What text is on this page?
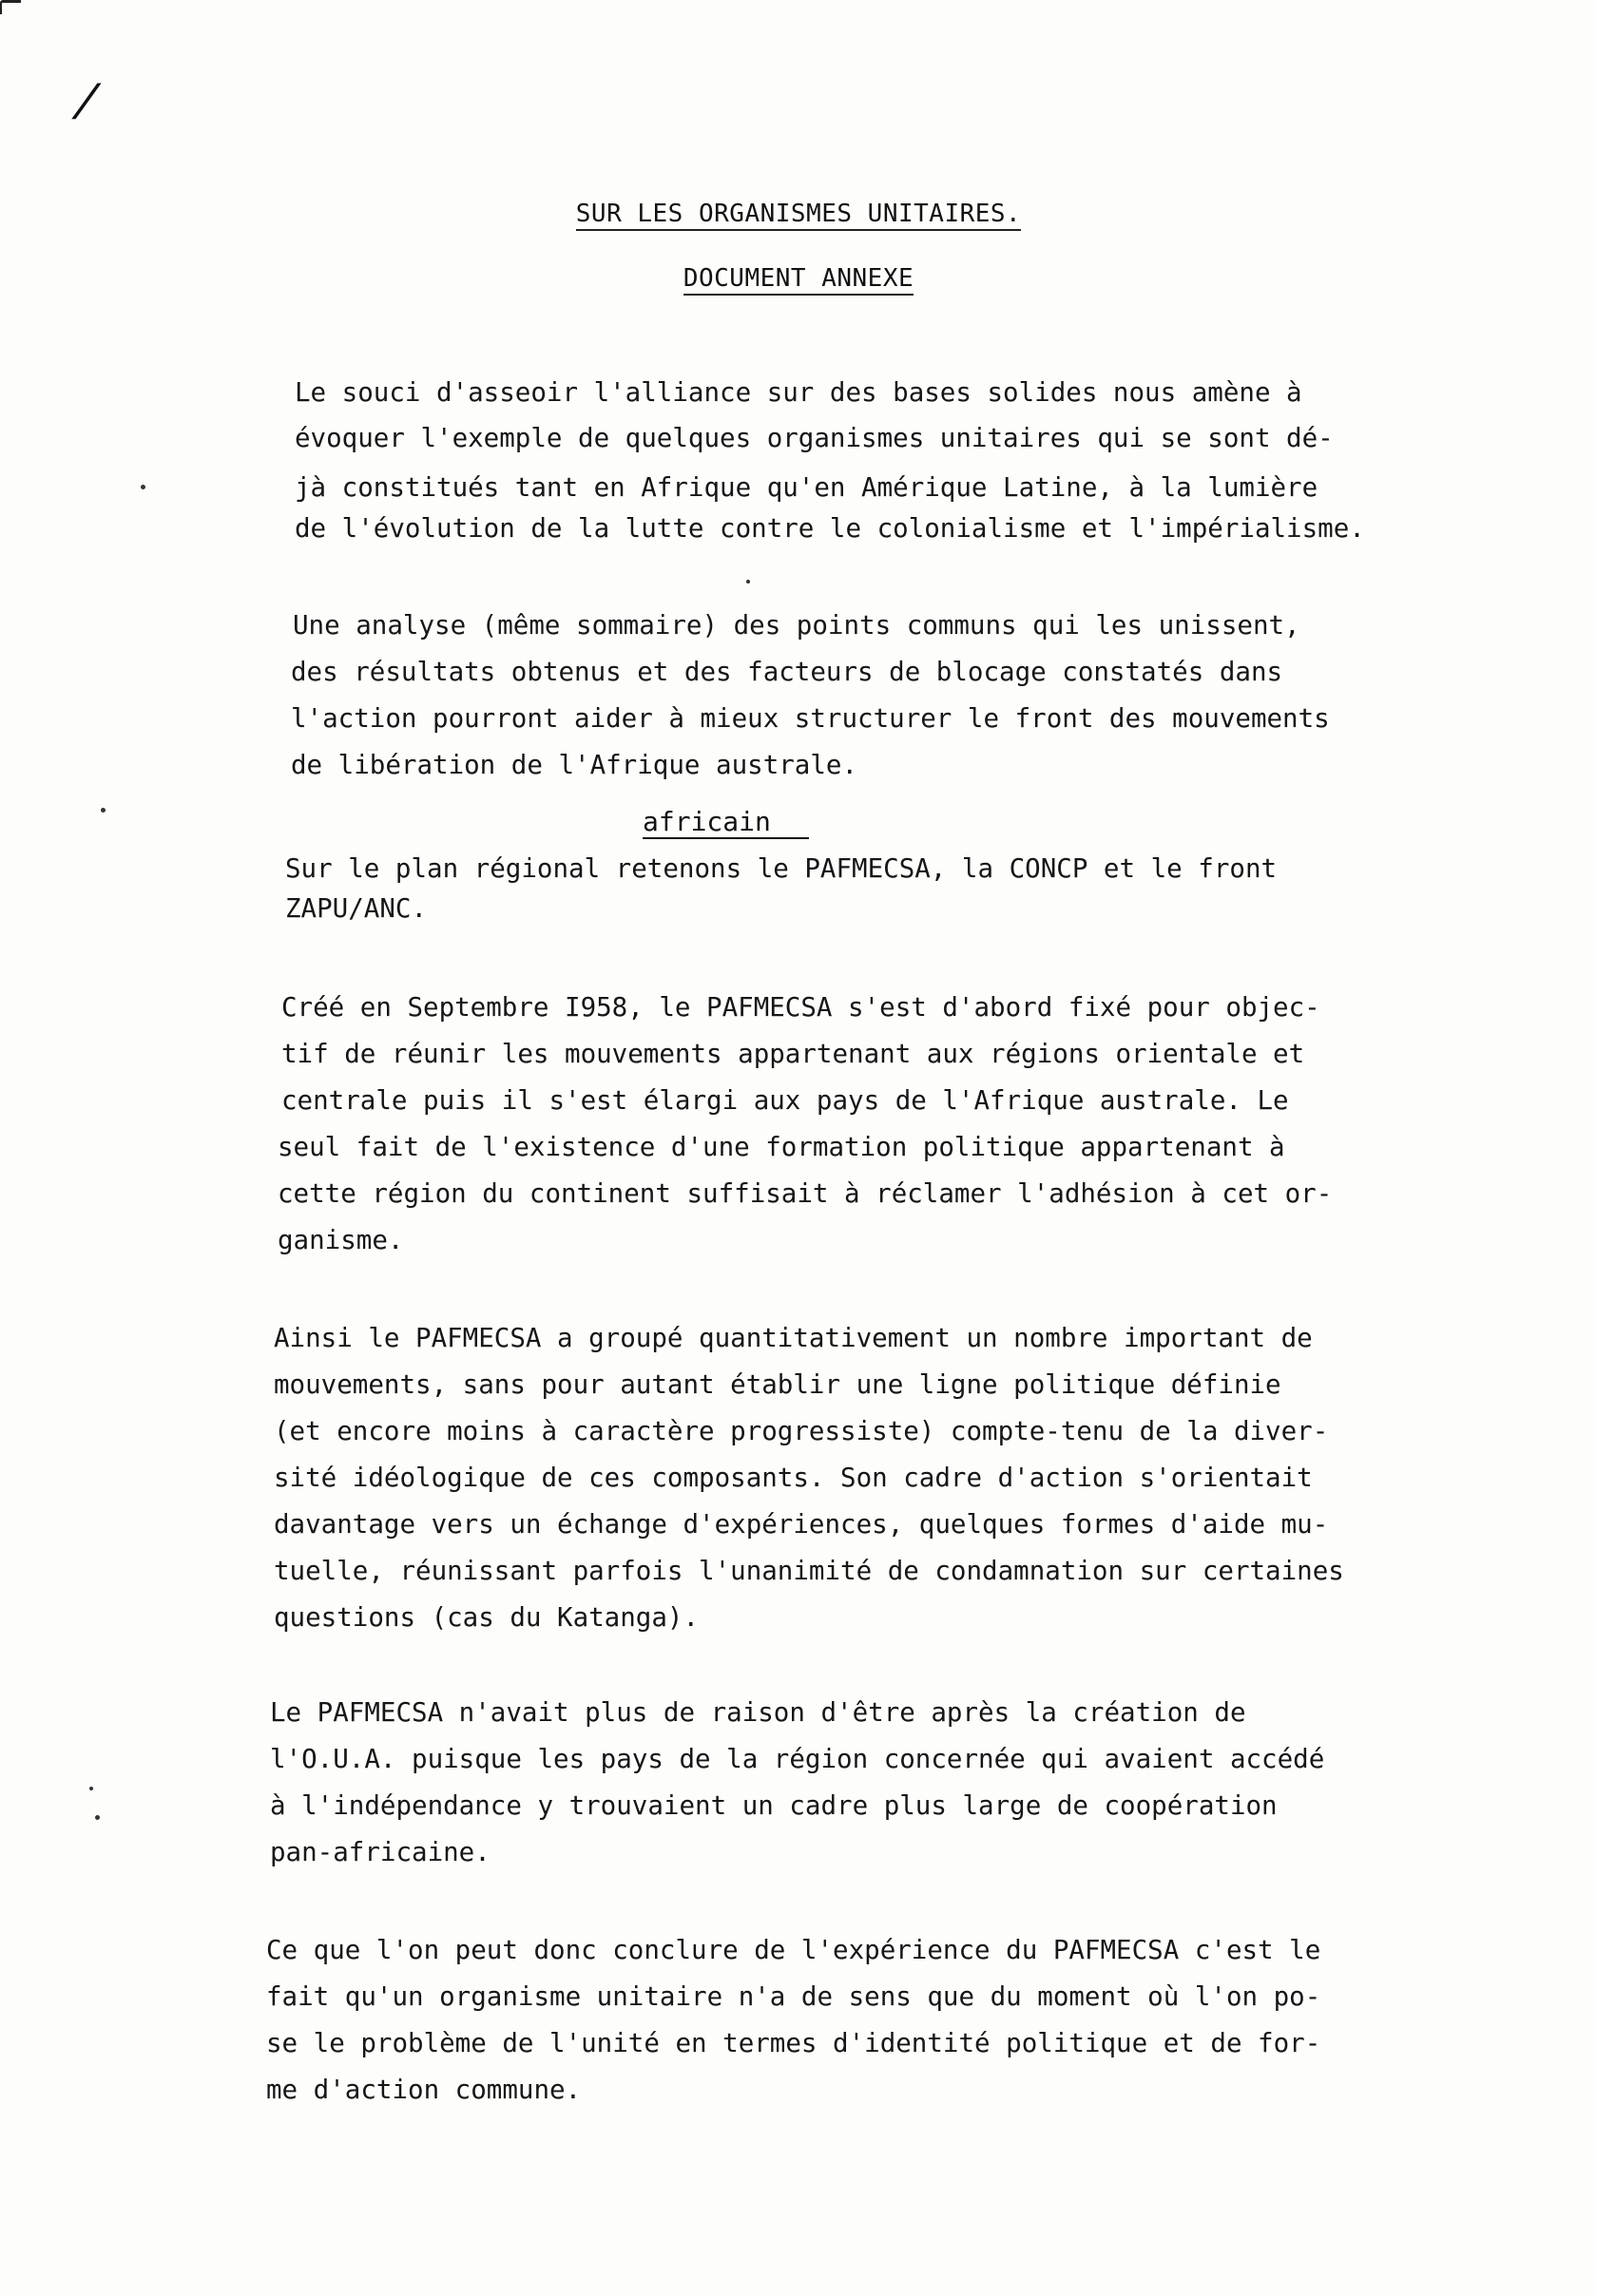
/
SUR LES ORGANISMES UNITAIRES.
DOCUMENT ANNEXE
Le souci d'asseoir l'alliance sur des bases solides nous amène à
évoquer l'exemple de quelques organismes unitaires qui se sont dé-
jà constitués tant en Afrique qu'en Amérique Latine, à la lumière
de l'évolution de la lutte contre le colonialisme et l'impérialisme.
Une analyse (même sommaire) des points communs qui les unissent,
des résultats obtenus et des facteurs de blocage constatés dans
l'action pourront aider à mieux structurer le front des mouvements
de libération de l'Afrique australe.
africain
Sur le plan régional retenons le PAFMECSA, la CONCP et le front
ZAPU/ANC.
Créé en Septembre I958, le PAFMECSA s'est d'abord fixé pour objec-
tif de réunir les mouvements appartenant aux régions orientale et
centrale puis il s'est élargi aux pays de l'Afrique australe. Le
seul fait de l'existence d'une formation politique appartenant à
cette région du continent suffisait à réclamer l'adhésion à cet or-
ganisme.
Ainsi le PAFMECSA a groupé quantitativement un nombre important de
mouvements, sans pour autant établir une ligne politique définie
(et encore moins à caractère progressiste) compte-tenu de la diver-
sité idéologique de ces composants. Son cadre d'action s'orientait
davantage vers un échange d'expériences, quelques formes d'aide mu-
tuelle, réunissant parfois l'unanimité de condamnation sur certaines
questions (cas du Katanga).
Le PAFMECSA n'avait plus de raison d'être après la création de
l'O.U.A. puisque les pays de la région concernée qui avaient accédé
à l'indépendance y trouvaient un cadre plus large de coopération
pan-africaine.
Ce que l'on peut donc conclure de l'expérience du PAFMECSA c'est le
fait qu'un organisme unitaire n'a de sens que du moment où l'on po-
se le problème de l'unité en termes d'identité politique et de for-
me d'action commune.
